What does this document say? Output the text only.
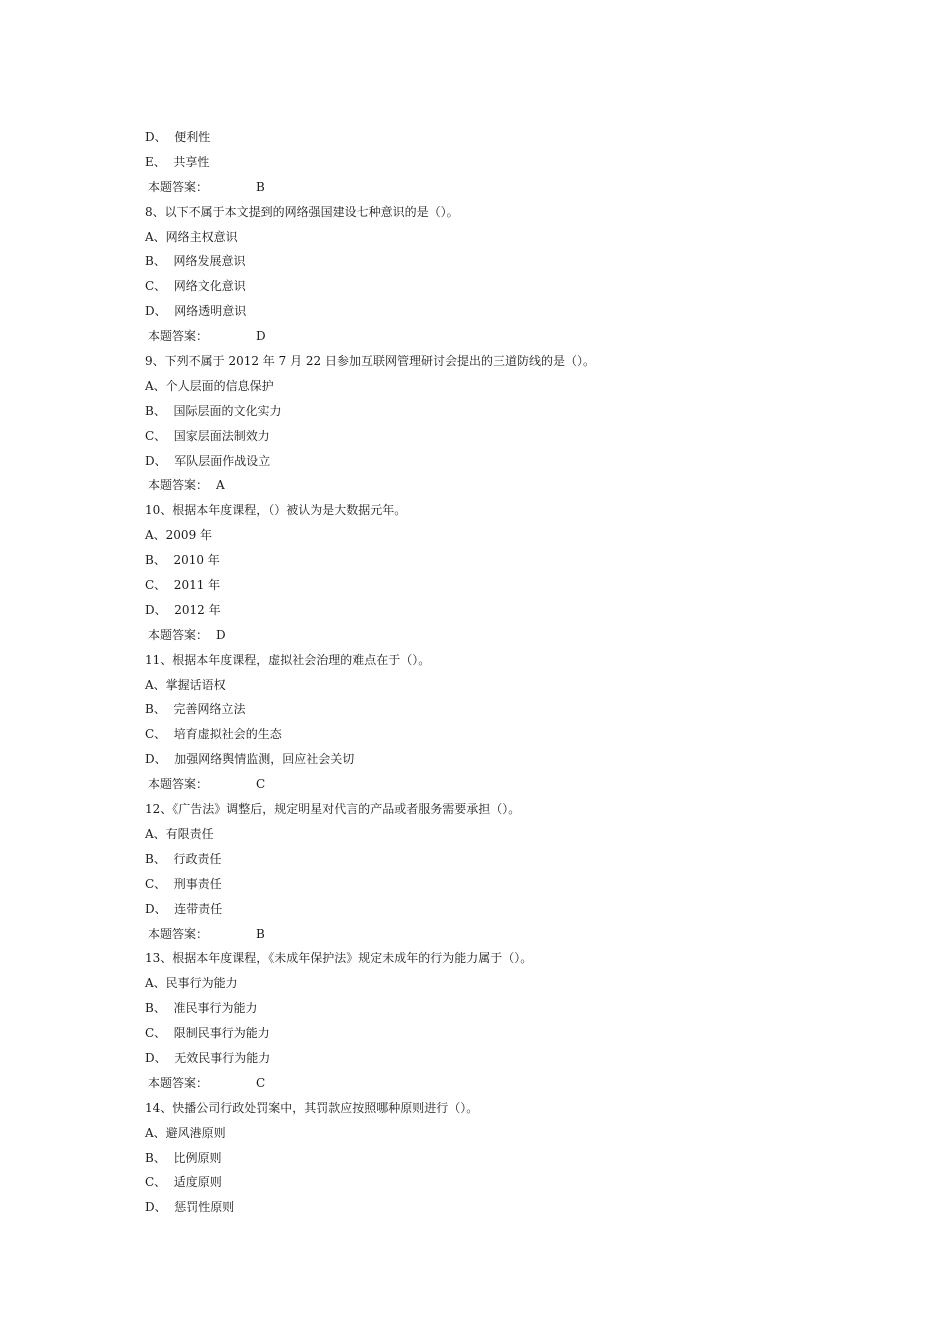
D、  便利性
E、  共享性
本题答案：	B
8、以下不属于本文提到的网络强国建设七种意识的是（）。
A、网络主权意识
B、  网络发展意识
C、  网络文化意识
D、  网络透明意识
本题答案：	D
9、下列不属于 2012 年 7 月 22 日参加互联网管理研讨会提出的三道防线的是（）。
A、个人层面的信息保护
B、  国际层面的文化实力
C、  国家层面法制效力
D、  军队层面作战设立
本题答案： A
10、根据本年度课程，（）被认为是大数据元年。
A、2009 年
B、  2010 年
C、  2011 年
D、  2012 年
本题答案： D
11、根据本年度课程，虚拟社会治理的难点在于（）。
A、掌握话语权
B、  完善网络立法
C、  培育虚拟社会的生态
D、  加强网络舆情监测，回应社会关切
本题答案：	C
12、《广告法》调整后，规定明星对代言的产品或者服务需要承担（）。
A、有限责任
B、  行政责任
C、  刑事责任
D、  连带责任
本题答案：	B
13、根据本年度课程，《未成年保护法》规定未成年的行为能力属于（）。
A、民事行为能力
B、  准民事行为能力
C、  限制民事行为能力
D、  无效民事行为能力
本题答案：	C
14、快播公司行政处罚案中，其罚款应按照哪种原则进行（）。
A、避风港原则
B、  比例原则
C、  适度原则
D、  惩罚性原则
